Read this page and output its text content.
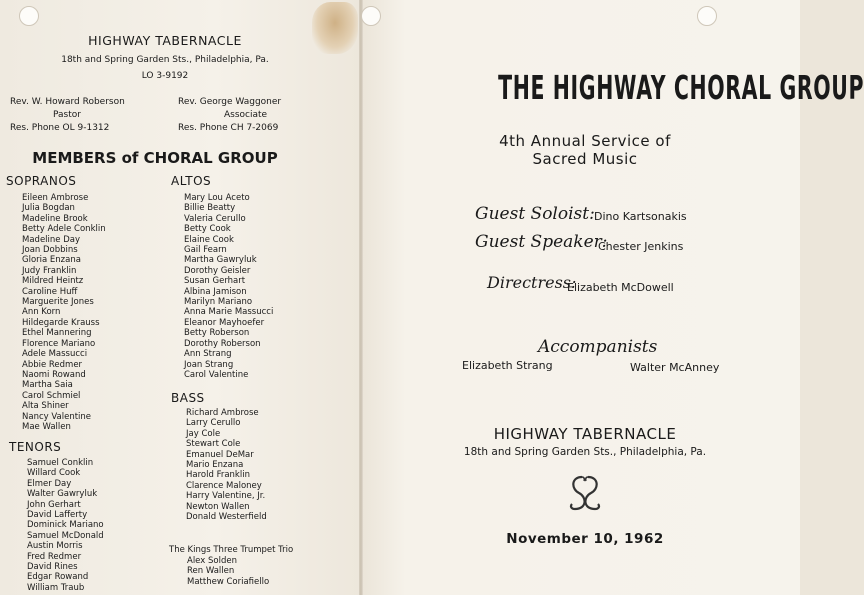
HIGHWAY TABERNACLE
18th and Spring Garden Sts., Philadelphia, Pa.
LO 3-9192
Rev. W. Howard Roberson
Pastor
Res. Phone OL 9-1312
Rev. George Waggoner
Associate
Res. Phone CH 7-2069
MEMBERS of CHORAL GROUP
SOPRANOS
Eileen Ambrose
Julia Bogdan
Madeline Brook
Betty Adele Conklin
Madeline Day
Joan Dobbins
Gloria Enzana
Judy Franklin
Mildred Heintz
Caroline Huff
Marguerite Jones
Ann Korn
Hildegarde Krauss
Ethel Mannering
Florence Mariano
Adele Massucci
Abbie Redmer
Naomi Rowand
Martha Saia
Carol Schmiel
Alta Shiner
Nancy Valentine
Mae Wallen
TENORS
Samuel Conklin
Willard Cook
Elmer Day
Walter Gawryluk
John Gerhart
David Lafferty
Dominick Mariano
Samuel McDonald
Austin Morris
Fred Redmer
David Rines
Edgar Rowand
William Traub
ALTOS
Mary Lou Aceto
Billie Beatty
Valeria Cerullo
Betty Cook
Elaine Cook
Gail Fearn
Martha Gawryluk
Dorothy Geisler
Susan Gerhart
Albina Jamison
Marilyn Mariano
Anna Marie Massucci
Eleanor Mayhoefer
Betty Roberson
Dorothy Roberson
Ann Strang
Joan Strang
Carol Valentine
BASS
Richard Ambrose
Larry Cerullo
Jay Cole
Stewart Cole
Emanuel DeMar
Mario Enzana
Harold Franklin
Clarence Maloney
Harry Valentine, Jr.
Newton Wallen
Donald Westerfield
The Kings Three Trumpet Trio
Alex Solden
Ren Wallen
Matthew Coriafiello
THE HIGHWAY CHORAL GROUP
4th Annual Service of
Sacred Music
Guest Soloist: Dino Kartsonakis
Guest Speaker:
Chester Jenkins
Directress:
Elizabeth McDowell
Accompanists
Elizabeth Strang	Walter McAnney
HIGHWAY TABERNACLE
18th and Spring Garden Sts., Philadelphia, Pa.
November 10, 1962
